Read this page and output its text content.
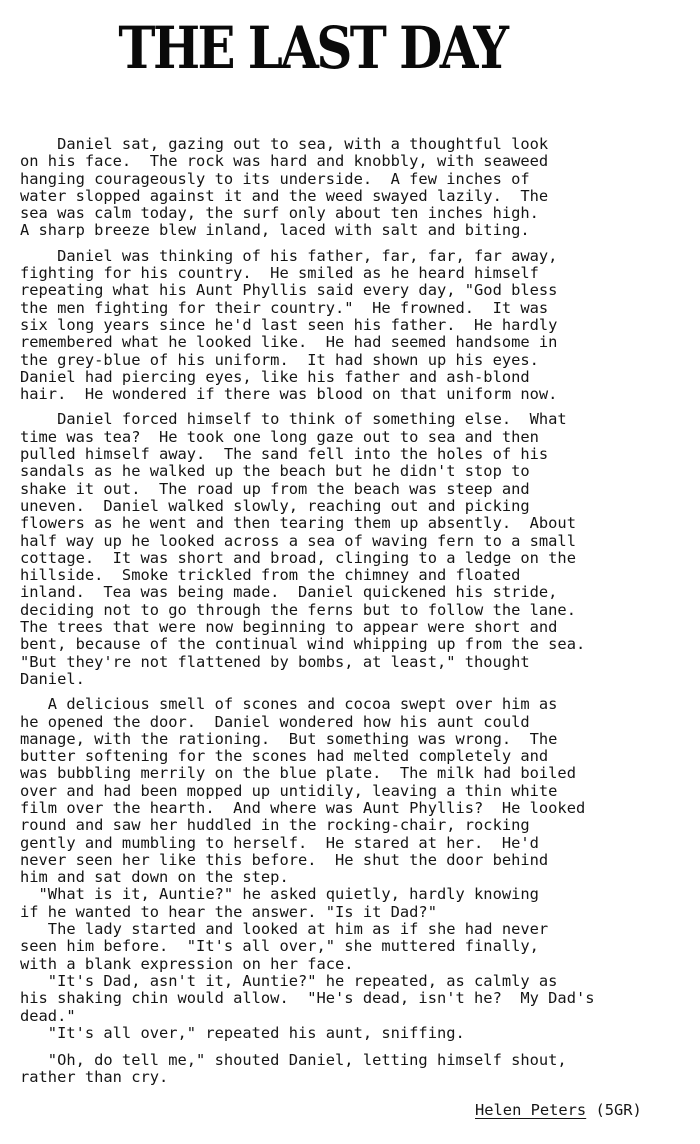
THE LAST DAY
Daniel sat, gazing out to sea, with a thoughtful look
on his face.  The rock was hard and knobbly, with seaweed
hanging courageously to its underside.  A few inches of
water slopped against it and the weed swayed lazily.  The
sea was calm today, the surf only about ten inches high.
A sharp breeze blew inland, laced with salt and biting.
Daniel was thinking of his father, far, far, far away,
fighting for his country.  He smiled as he heard himself
repeating what his Aunt Phyllis said every day, "God bless
the men fighting for their country."  He frowned.  It was
six long years since he'd last seen his father.  He hardly
remembered what he looked like.  He had seemed handsome in
the grey-blue of his uniform.  It had shown up his eyes.
Daniel had piercing eyes, like his father and ash-blond
hair.  He wondered if there was blood on that uniform now.
Daniel forced himself to think of something else.  What
time was tea?  He took one long gaze out to sea and then
pulled himself away.  The sand fell into the holes of his
sandals as he walked up the beach but he didn't stop to
shake it out.  The road up from the beach was steep and
uneven.  Daniel walked slowly, reaching out and picking
flowers as he went and then tearing them up absently.  About
half way up he looked across a sea of waving fern to a small
cottage.  It was short and broad, clinging to a ledge on the
hillside.  Smoke trickled from the chimney and floated
inland.  Tea was being made.  Daniel quickened his stride,
deciding not to go through the ferns but to follow the lane.
The trees that were now beginning to appear were short and
bent, because of the continual wind whipping up from the sea.
"But they're not flattened by bombs, at least," thought
Daniel.
A delicious smell of scones and cocoa swept over him as
he opened the door.  Daniel wondered how his aunt could
manage, with the rationing.  But something was wrong.  The
butter softening for the scones had melted completely and
was bubbling merrily on the blue plate.  The milk had boiled
over and had been mopped up untidily, leaving a thin white
film over the hearth.  And where was Aunt Phyllis?  He looked
round and saw her huddled in the rocking-chair, rocking
gently and mumbling to herself.  He stared at her.  He'd
never seen her like this before.  He shut the door behind
him and sat down on the step.
"What is it, Auntie?" he asked quietly, hardly knowing
if he wanted to hear the answer. "Is it Dad?"
The lady started and looked at him as if she had never
seen him before.  "It's all over," she muttered finally,
with a blank expression on her face.
"It's Dad, asn't it, Auntie?" he repeated, as calmly as
his shaking chin would allow.  "He's dead, isn't he?  My Dad's
dead."
"It's all over," repeated his aunt, sniffing.
"Oh, do tell me," shouted Daniel, letting himself shout,
rather than cry.
Helen Peters (5GR)
